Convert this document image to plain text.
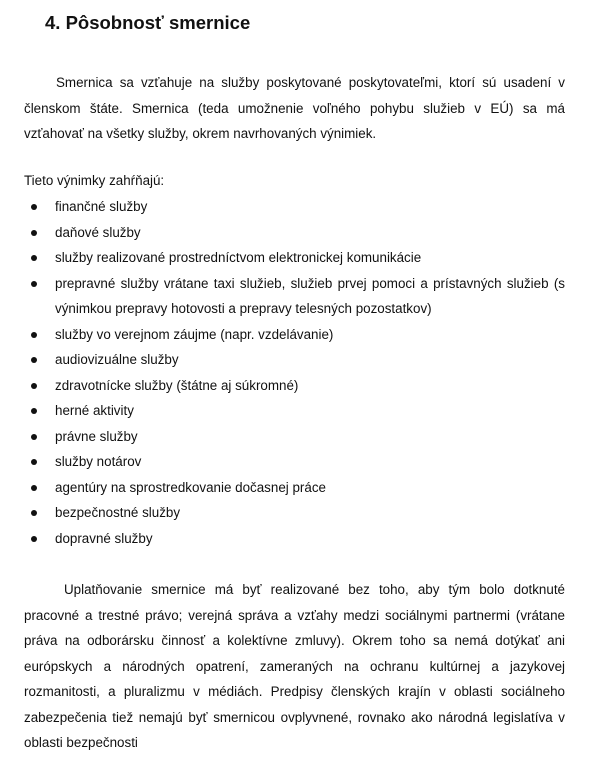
4. Pôsobnosť smernice

Smernica sa vzťahuje na služby poskytované poskytovateľmi, ktorí sú usadení v členskom štáte. Smernica (teda umožnenie voľného pohybu služieb v EÚ) sa má vzťahovať na všetky služby, okrem navrhovaných výnimiek.

Tieto výnimky zahŕňajú:

finančné služby
daňové služby
služby realizované prostredníctvom elektronickej komunikácie
prepravné služby vrátane taxi služieb, služieb prvej pomoci a prístavných služieb (s výnimkou prepravy hotovosti a prepravy telesných pozostatkov)
služby vo verejnom záujme (napr. vzdelávanie)
audiovizuálne služby
zdravotnícke služby (štátne aj súkromné)
herné aktivity
právne služby
služby notárov
agentúry na sprostredkovanie dočasnej práce
bezpečnostné služby
dopravné služby

Uplatňovanie smernice má byť realizované bez toho, aby tým bolo dotknuté pracovné a trestné právo; verejná správa a vzťahy medzi sociálnymi partnermi (vrátane práva na odborársku činnosť a kolektívne zmluvy). Okrem toho sa nemá dotýkať ani európskych a národných opatrení, zameraných na ochranu kultúrnej a jazykovej rozmanitosti, a pluralizmu v médiách. Predpisy členských krajín v oblasti sociálneho zabezpečenia tiež nemajú byť smernicou ovplyvnené, rovnako ako národná legislatíva v oblasti bezpečnosti
